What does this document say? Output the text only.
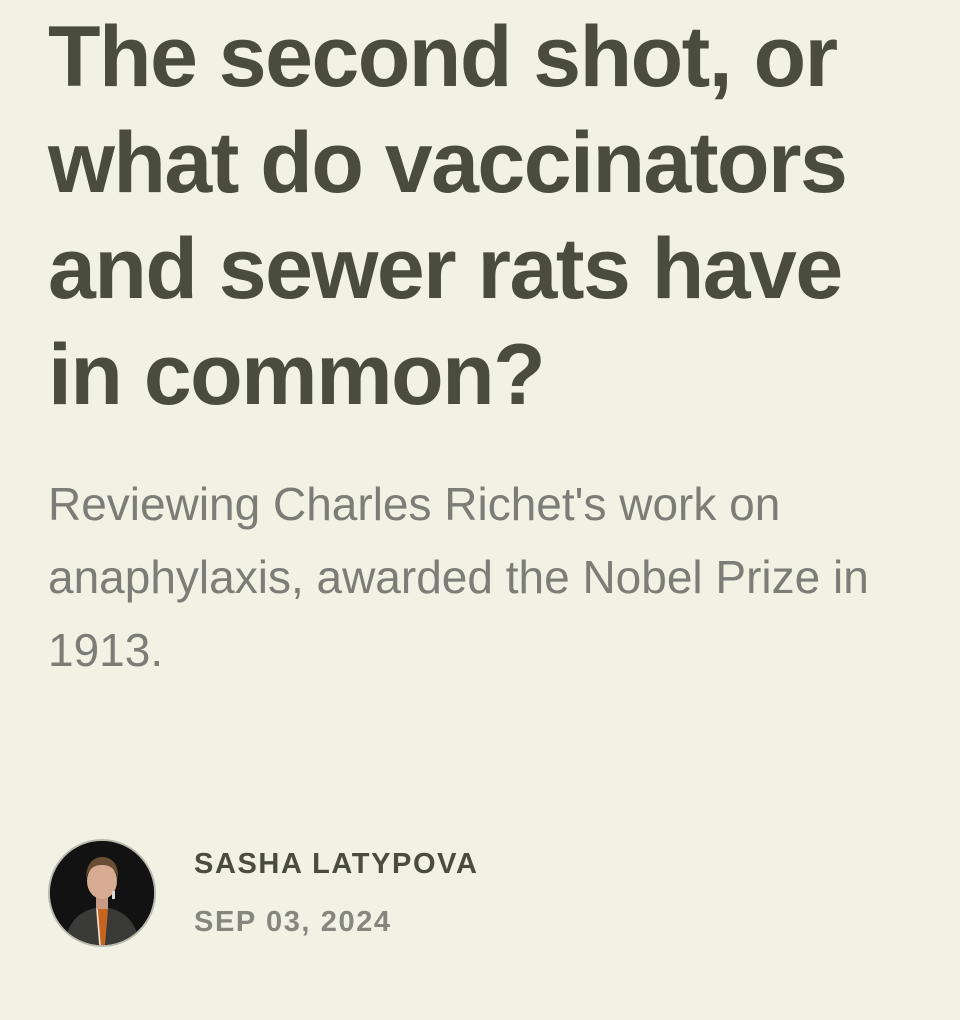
The second shot, or what do vaccinators and sewer rats have in common?

Reviewing Charles Richet's work on anaphylaxis, awarded the Nobel Prize in 1913.

SASHA LATYPOVA
SEP 03, 2024
